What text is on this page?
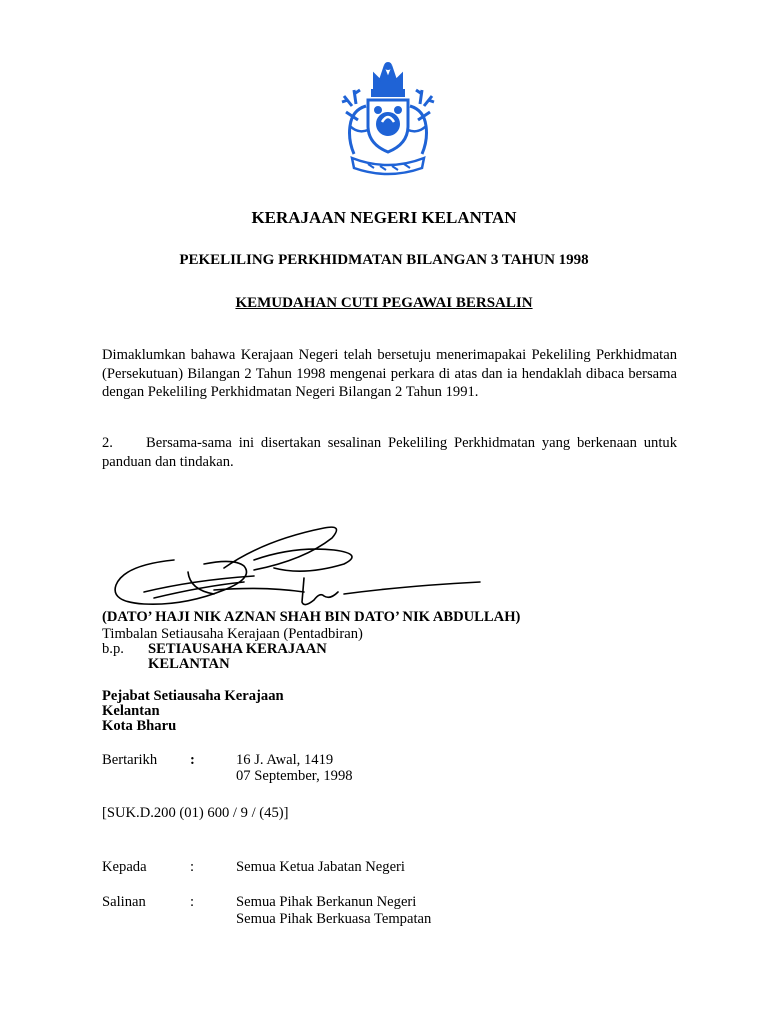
KERAJAAN NEGERI KELANTAN

PEKELILING PERKHIDMATAN BILANGAN 3 TAHUN 1998

KEMUDAHAN CUTI PEGAWAI BERSALIN

Dimaklumkan bahawa Kerajaan Negeri telah bersetuju menerimapakai Pekeliling Perkhidmatan (Persekutuan) Bilangan 2 Tahun 1998 mengenai perkara di atas dan ia hendaklah dibaca bersama dengan Pekeliling Perkhidmatan Negeri Bilangan 2 Tahun 1991.

2. Bersama-sama ini disertakan sesalinan Pekeliling Perkhidmatan yang berkenaan untuk panduan dan tindakan.

(DATO’ HAJI NIK AZNAN SHAH BIN DATO’ NIK ABDULLAH)

Timbalan Setiausaha Kerajaan (Pentadbiran)

b.p. SETIAUSAHA KERAJAAN

KELANTAN

Pejabat Setiausaha Kerajaan

Kelantan

Kota Bharu

Bertarikh :	16 J. Awal, 1419

07 September, 1998

[SUK.D.200 (01) 600 / 9 / (45)]

Kepada	:	Semua Ketua Jabatan Negeri

Salinan	:	Semua Pihak Berkanun Negeri

Semua Pihak Berkuasa Tempatan
